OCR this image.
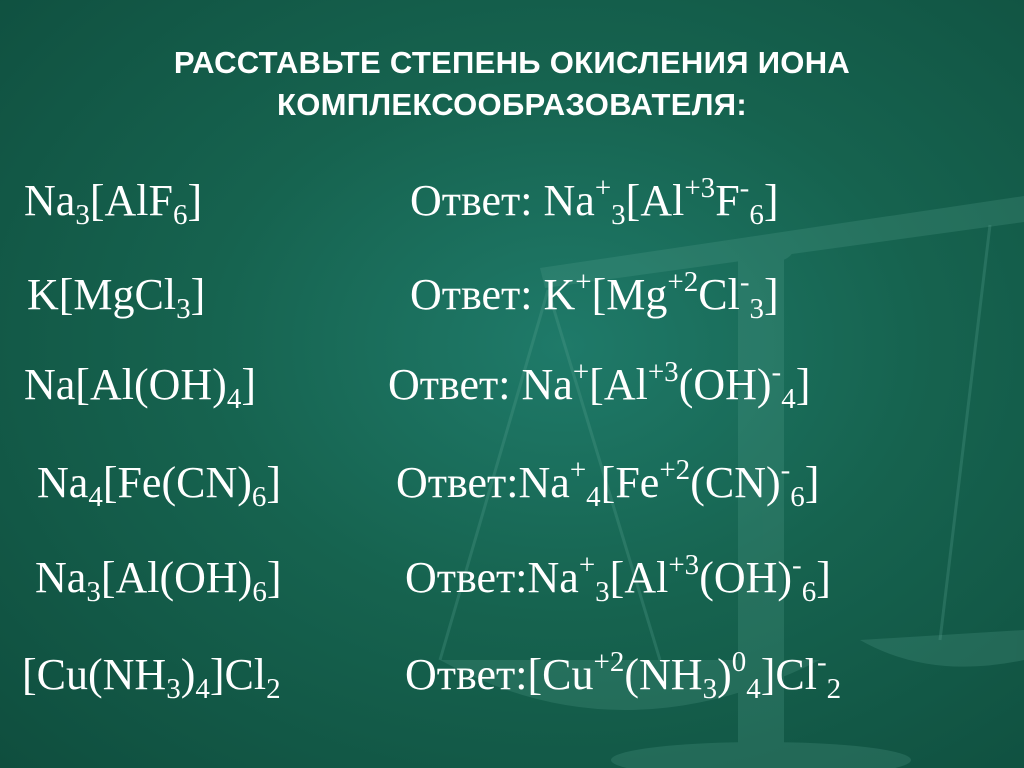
РАССТАВЬТЕ СТЕПЕНЬ ОКИСЛЕНИЯ ИОНА
КОМПЛЕКСООБРАЗОВАТЕЛЯ:
$Na_3[AlF_6]$	Ответ: $Na^+_3[Al^{+3}F^-_6]$
K[MgCl$_3$]	Ответ: $K^+[Mg^{+2}Cl^-_3]$
$Na[Al(OH)_4]$	Ответ: $Na^+[Al^{+3}(OH)^-_4]$
$Na_4[Fe(CN)_6]$	$Ответ:Na^+_4[Fe^{+2}(CN)^-_6]$
$Na_3[Al(OH)_6]$	$Ответ:Na^+_3[Al^{+3}(OH)^-_6]$
$[Cu(NH_3)_4]Cl_2$	$Ответ:[Cu^{+2}(NH_3)^0_4]Cl^-_2$
